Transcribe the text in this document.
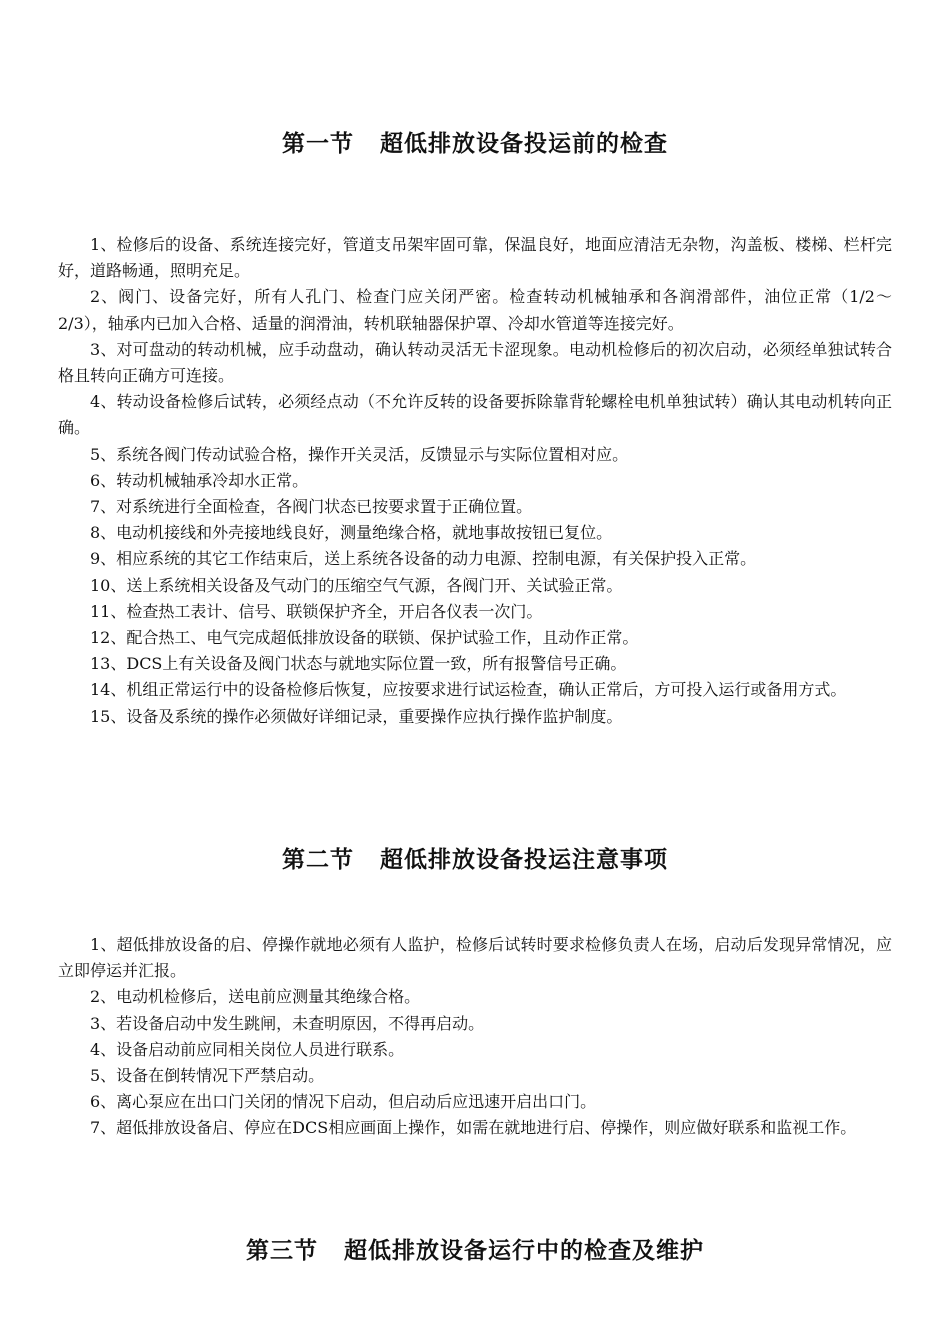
第一节 超低排放设备投运前的检查

1、检修后的设备、系统连接完好，管道支吊架牢固可靠，保温良好，地面应清洁无杂物，沟盖板、楼梯、栏杆完好，道路畅通，照明充足。

2、阀门、设备完好，所有人孔门、检查门应关闭严密。检查转动机械轴承和各润滑部件，油位正常（1/2～2/3），轴承内已加入合格、适量的润滑油，转机联轴器保护罩、冷却水管道等连接完好。

3、对可盘动的转动机械，应手动盘动，确认转动灵活无卡涩现象。电动机检修后的初次启动，必须经单独试转合格且转向正确方可连接。

4、转动设备检修后试转，必须经点动（不允许反转的设备要拆除靠背轮螺栓电机单独试转）确认其电动机转向正确。

5、系统各阀门传动试验合格，操作开关灵活，反馈显示与实际位置相对应。

6、转动机械轴承冷却水正常。

7、对系统进行全面检查，各阀门状态已按要求置于正确位置。

8、电动机接线和外壳接地线良好，测量绝缘合格，就地事故按钮已复位。

9、相应系统的其它工作结束后，送上系统各设备的动力电源、控制电源，有关保护投入正常。

10、送上系统相关设备及气动门的压缩空气气源，各阀门开、关试验正常。

11、检查热工表计、信号、联锁保护齐全，开启各仪表一次门。

12、配合热工、电气完成超低排放设备的联锁、保护试验工作，且动作正常。

13、DCS上有关设备及阀门状态与就地实际位置一致，所有报警信号正确。

14、机组正常运行中的设备检修后恢复，应按要求进行试运检查，确认正常后，方可投入运行或备用方式。

15、设备及系统的操作必须做好详细记录，重要操作应执行操作监护制度。

第二节 超低排放设备投运注意事项

1、超低排放设备的启、停操作就地必须有人监护，检修后试转时要求检修负责人在场，启动后发现异常情况，应立即停运并汇报。

2、电动机检修后，送电前应测量其绝缘合格。

3、若设备启动中发生跳闸，未查明原因，不得再启动。

4、设备启动前应同相关岗位人员进行联系。

5、设备在倒转情况下严禁启动。

6、离心泵应在出口门关闭的情况下启动，但启动后应迅速开启出口门。

7、超低排放设备启、停应在DCS相应画面上操作，如需在就地进行启、停操作，则应做好联系和监视工作。

第三节 超低排放设备运行中的检查及维护
